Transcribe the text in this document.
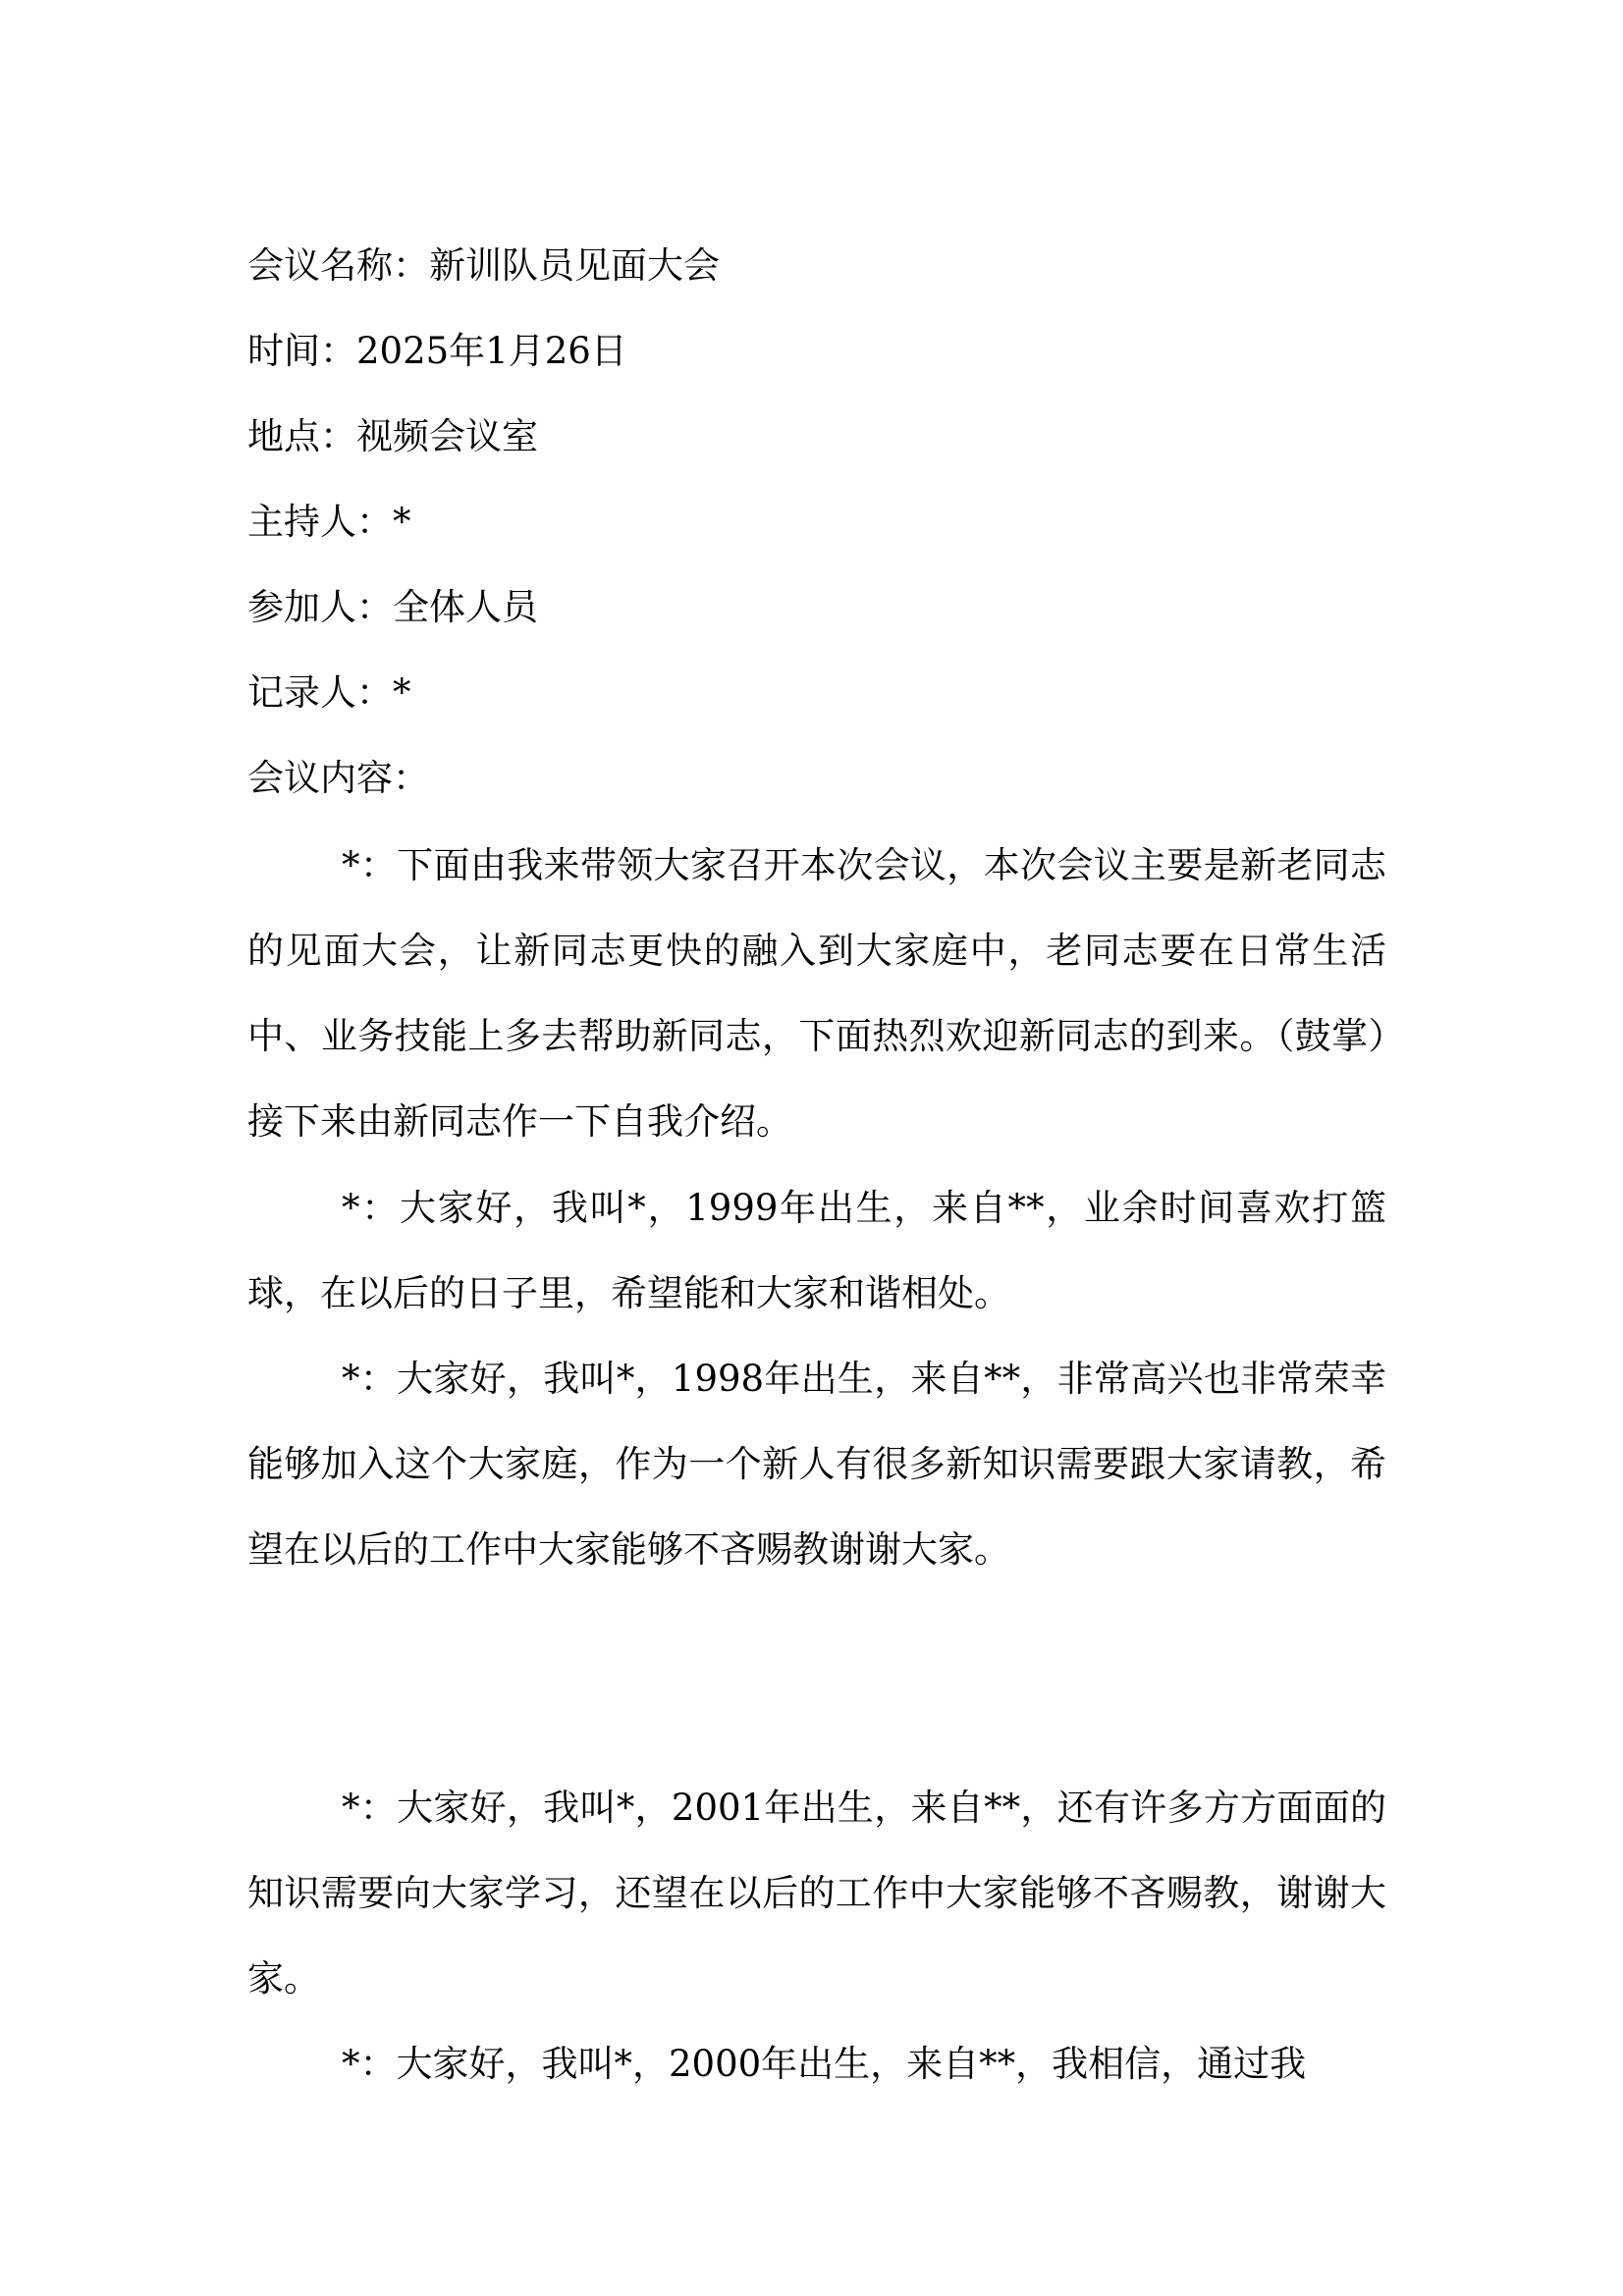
会议名称：新训队员见面大会

时间：2025年1月26日

地点：视频会议室

主持人：*

参加人：全体人员

记录人：*

会议内容：

*：下面由我来带领大家召开本次会议，本次会议主要是新老同志的见面大会，让新同志更快的融入到大家庭中，老同志要在日常生活中、业务技能上多去帮助新同志，下面热烈欢迎新同志的到来。（鼓掌）接下来由新同志作一下自我介绍。

*：大家好，我叫*，1999年出生，来自**，业余时间喜欢打篮球，在以后的日子里，希望能和大家和谐相处。

*：大家好，我叫*，1998年出生，来自**，非常高兴也非常荣幸能够加入这个大家庭，作为一个新人有很多新知识需要跟大家请教，希望在以后的工作中大家能够不吝赐教谢谢大家。

*：大家好，我叫*，2001年出生，来自**，还有许多方方面面的知识需要向大家学习，还望在以后的工作中大家能够不吝赐教，谢谢大家。

*：大家好，我叫*，2000年出生，来自**，我相信，通过我
